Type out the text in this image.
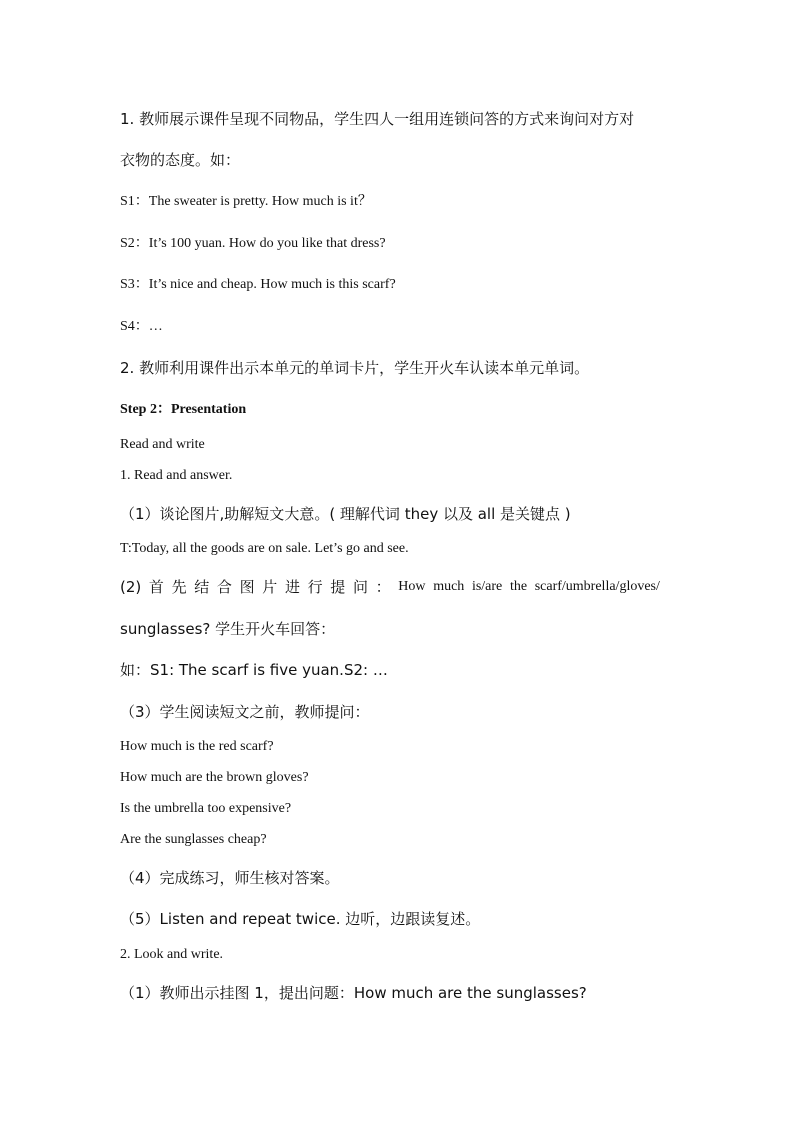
1. 教师展示课件呈现不同物品，学生四人一组用连锁问答的方式来询问对方对
衣物的态度。如：
S1：The sweater is pretty. How much is it？
S2：It’s 100 yuan. How do you like that dress?
S3：It’s nice and cheap. How much is this scarf?
S4：…
2. 教师利用课件出示本单元的单词卡片，学生开火车认读本单元单词。
Step 2：Presentation
Read and write
1. Read and answer.
（1）谈论图片,助解短文大意。( 理解代词 they 以及 all 是关键点 )
T:Today, all the goods are on sale. Let’s go and see.
(2) 首 先 结 合 图 片 进 行 提 问 ： How much is/are the scarf/umbrella/gloves/
sunglasses? 学生开火车回答：
如：S1: The scarf is five yuan.S2: …
（3）学生阅读短文之前，教师提问：
How much is the red scarf?
How much are the brown gloves?
Is the umbrella too expensive?
Are the sunglasses cheap?
（4）完成练习，师生核对答案。
（5）Listen and repeat twice. 边听，边跟读复述。
2. Look and write.
（1）教师出示挂图 1，提出问题：How much are the sunglasses?
